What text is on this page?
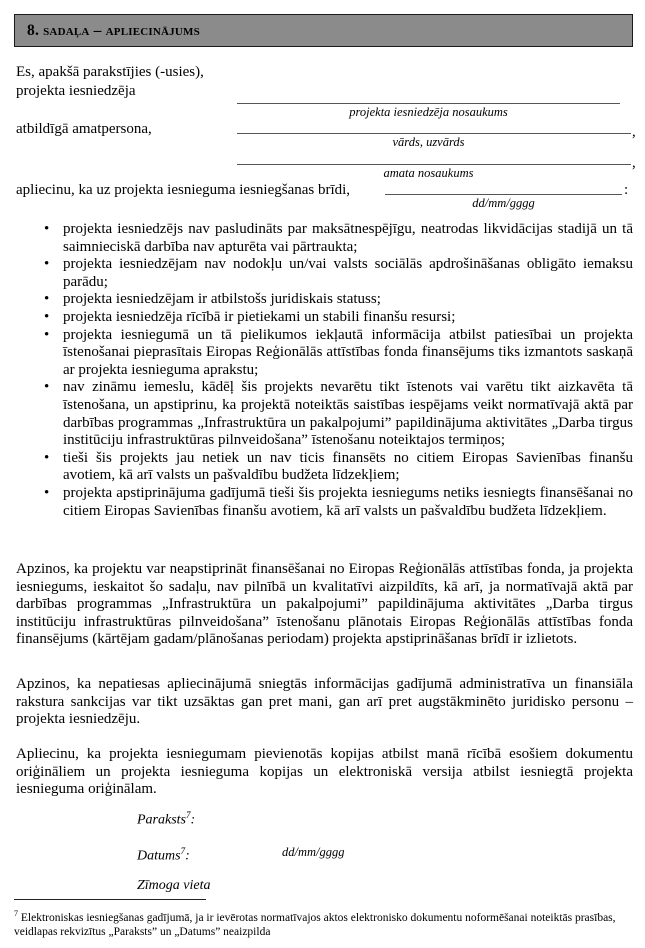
8. sadaļa – apliecinājums
Es, apakšā parakstījies (-usies),
projekta iesniedzēja
atbildīgā amatpersona,
apliecinu, ka uz projekta iesnieguma iesniegšanas brīdi,
projekta iesniedzēja nosaukums
,
vārds, uzvārds
,
amata nosaukums
:
dd/mm/gggg
• projekta iesniedzējs nav pasludināts par maksātnespējīgu, neatrodas likvidācijas stadijā un tā saimnieciskā darbība nav apturēta vai pārtraukta;
• projekta iesniedzējam nav nodokļu un/vai valsts sociālās apdrošināšanas obligāto iemaksu parādu;
• projekta iesniedzējam ir atbilstošs juridiskais statuss;
• projekta iesniedzēja rīcībā ir pietiekami un stabili finanšu resursi;
• projekta iesniegumā un tā pielikumos iekļautā informācija atbilst patiesībai un projekta īstenošanai pieprasītais Eiropas Reģionālās attīstības fonda finansējums tiks izmantots saskaņā ar projekta iesnieguma aprakstu;
• nav zināmu iemeslu, kādēļ šis projekts nevarētu tikt īstenots vai varētu tikt aizkavēta tā īstenošana, un apstiprinu, ka projektā noteiktās saistības iespējams veikt normatīvajā aktā par darbības programmas „Infrastruktūra un pakalpojumi” papildinājuma aktivitātes „Darba tirgus institūciju infrastruktūras pilnveidošana” īstenošanu noteiktajos termiņos;
• tieši šis projekts jau netiek un nav ticis finansēts no citiem Eiropas Savienības finanšu avotiem, kā arī valsts un pašvaldību budžeta līdzekļiem;
• projekta apstiprinājuma gadījumā tieši šis projekta iesniegums netiks iesniegts finansēšanai no citiem Eiropas Savienības finanšu avotiem, kā arī valsts un pašvaldību budžeta līdzekļiem.
Apzinos, ka projektu var neapstiprināt finansēšanai no Eiropas Reģionālās attīstības fonda, ja projekta iesniegums, ieskaitot šo sadaļu, nav pilnībā un kvalitatīvi aizpildīts, kā arī, ja normatīvajā aktā par darbības programmas „Infrastruktūra un pakalpojumi” papildinājuma aktivitātes „Darba tirgus institūciju infrastruktūras pilnveidošana” īstenošanu plānotais Eiropas Reģionālās attīstības fonda finansējums (kārtējam gadam/plānošanas periodam) projekta apstiprināšanas brīdī ir izlietots.
Apzinos, ka nepatiesas apliecinājumā sniegtās informācijas gadījumā administratīva un finansiāla rakstura sankcijas var tikt uzsāktas gan pret mani, gan arī pret augstākminēto juridisko personu – projekta iesniedzēju.
Apliecinu, ka projekta iesniegumam pievienotās kopijas atbilst manā rīcībā esošiem dokumentu oriģināliem un projekta iesnieguma kopijas un elektroniskā versija atbilst iesniegtā projekta iesnieguma oriģinālam.
Paraksts$^7$:
Datums$^7$:
Zīmoga vieta
dd/mm/gggg
$^7$ Elektroniskas iesniegšanas gadījumā, ja ir ievērotas normatīvajos aktos elektronisko dokumentu noformēšanai noteiktās prasības, veidlapas rekvizītus „Paraksts” un „Datums” neaizpilda
